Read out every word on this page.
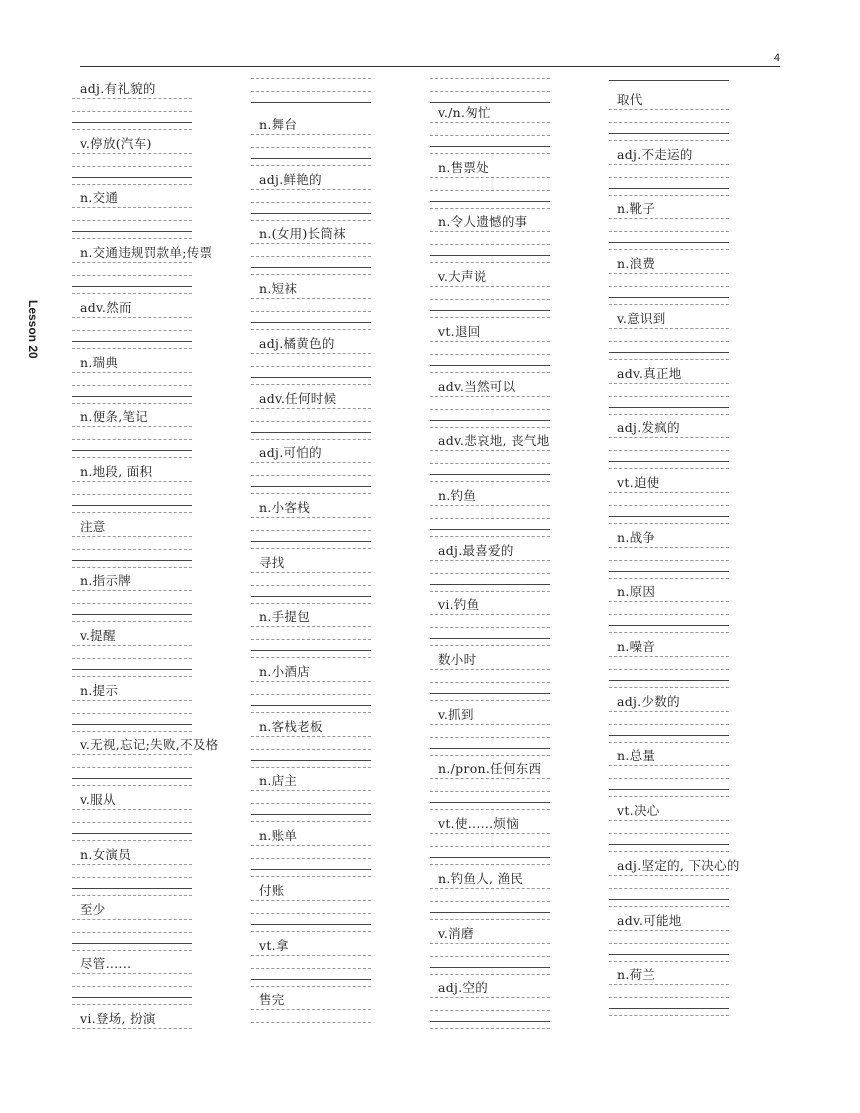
4
Lesson 20
adj.有礼貌的
v.停放(汽车)
n.交通
n.交通违规罚款单;传票
adv.然而
n.瑞典
n.便条,笔记
n.地段, 面积
注意
n.指示牌
v.提醒
n.提示
v.无视,忘记;失败,不及格
v.服从
n.女演员
至少
尽管......
vi.登场, 扮演
n.舞台
adj.鲜艳的
n.(女用)长筒袜
n.短袜
adj.橘黄色的
adv.任何时候
adj.可怕的
n.小客栈
寻找
n.手提包
n.小酒店
n.客栈老板
n.店主
n.账单
付账
vt.拿
售完
v./n.匆忙
n.售票处
n.令人遗憾的事
v.大声说
vt.退回
adv.当然可以
adv.悲哀地, 丧气地
n.钓鱼
adj.最喜爱的
vi.钓鱼
数小时
v.抓到
n./pron.任何东西
vt.使......烦恼
n.钓鱼人, 渔民
v.消磨
adj.空的
取代
adj.不走运的
n.靴子
n.浪费
v.意识到
adv.真正地
adj.发疯的
vt.迫使
n.战争
n.原因
n.噪音
adj.少数的
n.总量
vt.决心
adj.坚定的, 下决心的
adv.可能地
n.荷兰
